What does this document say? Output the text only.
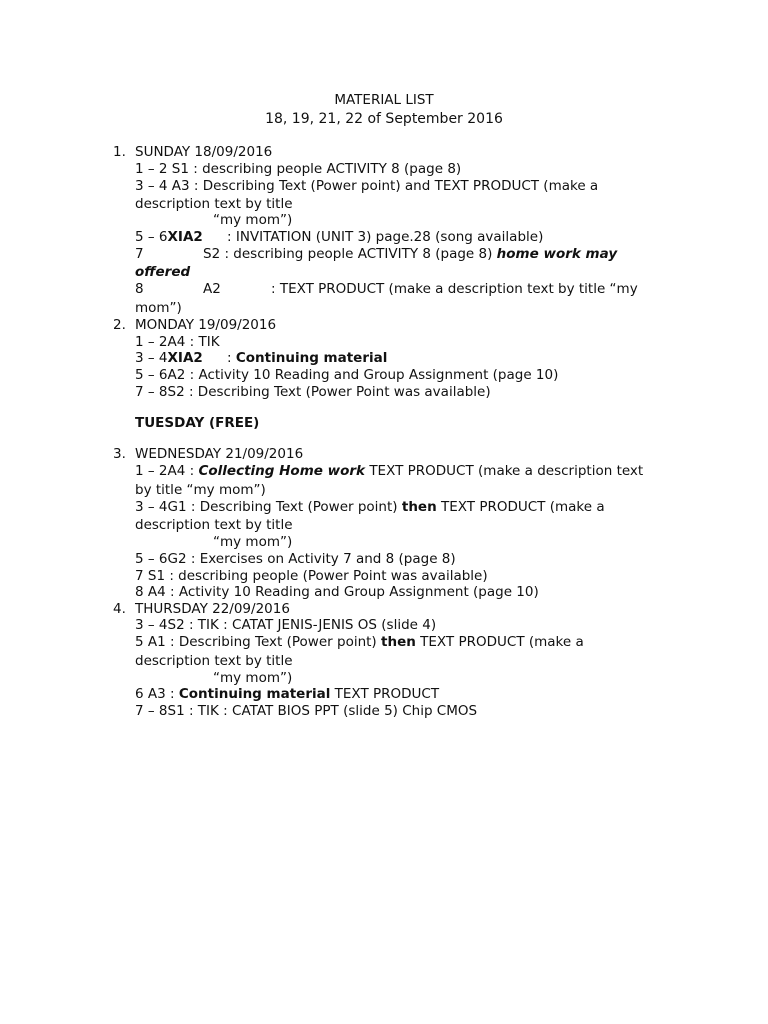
MATERIAL LIST
18, 19, 21, 22 of September 2016
1. SUNDAY 18/09/2016
1 – 2 S1 : describing people ACTIVITY 8 (page 8)
3 – 4 A3 : Describing Text (Power point) and TEXT PRODUCT (make a
description text by title
“my mom”)
5 – 6XIA2 : INVITATION (UNIT 3) page.28 (song available)
7	S2 : describing people ACTIVITY 8 (page 8) home work may
offered
8	A2	: TEXT PRODUCT (make a description text by title “my
mom”)
2. MONDAY 19/09/2016
1 – 2A4 : TIK
3 – 4XIA2 : Continuing material
5 – 6A2 : Activity 10 Reading and Group Assignment (page 10)
7 – 8S2 : Describing Text (Power Point was available)
TUESDAY (FREE)
3. WEDNESDAY 21/09/2016
1 – 2A4 : Collecting Home work TEXT PRODUCT (make a description text
by title “my mom”)
3 – 4G1 : Describing Text (Power point) then TEXT PRODUCT (make a
description text by title
“my mom”)
5 – 6G2 : Exercises on Activity 7 and 8 (page 8)
7 S1 : describing people (Power Point was available)
8 A4 : Activity 10 Reading and Group Assignment (page 10)
4. THURSDAY 22/09/2016
3 – 4S2 : TIK : CATAT JENIS-JENIS OS (slide 4)
5 A1 : Describing Text (Power point) then TEXT PRODUCT (make a
description text by title
“my mom”)
6 A3 : Continuing material TEXT PRODUCT
7 – 8S1 : TIK : CATAT BIOS PPT (slide 5) Chip CMOS
